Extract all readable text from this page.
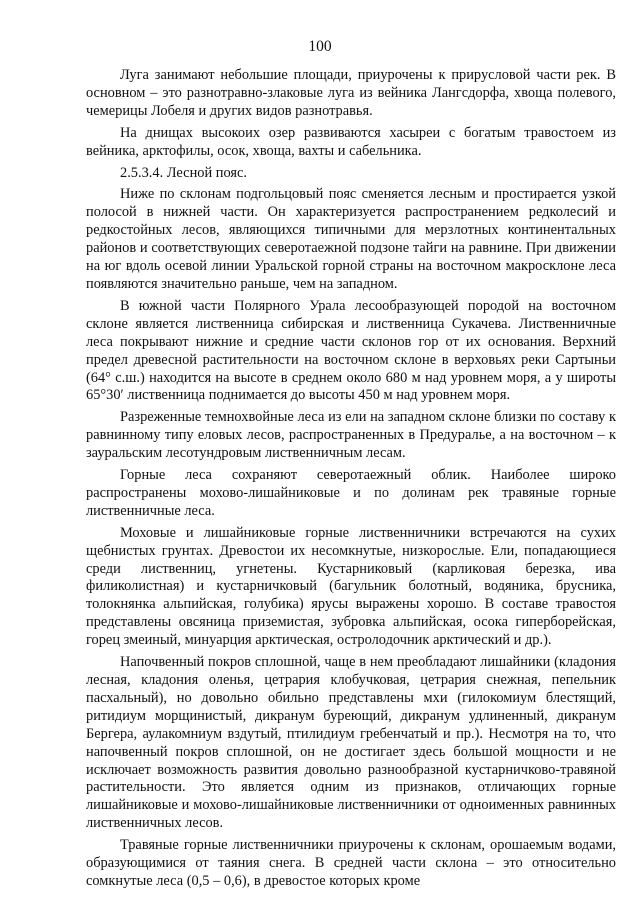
100

Луга занимают небольшие площади, приурочены к прирусловой части рек. В основном – это разнотравно-злаковые луга из вейника Лангсдорфа, хвоща полевого, чемерицы Лобеля и других видов разнотравья.

На днищах высокоих озер развиваются хасыреи с богатым травостоем из вейника, арктофилы, осок, хвоща, вахты и сабельника.

2.5.3.4. Лесной пояс.

Ниже по склонам подгольцовый пояс сменяется лесным и простирается узкой полосой в нижней части. Он характеризуется распространением редколесий и редкостойных лесов, являющихся типичными для мерзлотных континентальных районов и соответствующих северотаежной подзоне тайги на равнине. При движении на юг вдоль осевой линии Уральской горной страны на восточном макросклоне леса появляются значительно раньше, чем на западном.

В южной части Полярного Урала лесообразующей породой на восточном склоне является лиственница сибирская и лиственница Сукачева. Лиственничные леса покрывают нижние и средние части склонов гор от их основания. Верхний предел древесной растительности на восточном склоне в верховьях реки Сартыньи (64° с.ш.) находится на высоте в среднем около 680 м над уровнем моря, а у широты 65°30′ лиственница поднимается до высоты 450 м над уровнем моря.

Разреженные темнохвойные леса из ели на западном склоне близки по составу к равнинному типу еловых лесов, распространенных в Предуралье, а на восточном – к зауральским лесотундровым лиственничным лесам.

Горные леса сохраняют северотаежный облик. Наиболее широко распространены мохово-лишайниковые и по долинам рек травяные горные лиственничные леса.

Моховые и лишайниковые горные лиственничники встречаются на сухих щебнистых грунтах. Древостои их несомкнутые, низкорослые. Ели, попадающиеся среди лиственниц, угнетены. Кустарниковый (карликовая березка, ива филиколистная) и кустарничковый (багульник болотный, водяника, брусника, толокнянка альпийская, голубика) ярусы выражены хорошо. В составе травостоя представлены овсяница приземистая, зубровка альпийская, осока гиперборейская, горец змеиный, минуарция арктическая, остролодочник арктический и др.).

Напочвенный покров сплошной, чаще в нем преобладают лишайники (кладония лесная, кладония оленья, цетрария клобучковая, цетрария снежная, пепельник пасхальный), но довольно обильно представлены мхи (гилокомиум блестящий, ритидиум морщинистый, дикранум буреющий, дикранум удлиненный, дикранум Бергера, аулакомниум вздутый, птилидиум гребенчатый и пр.). Несмотря на то, что напочвенный покров сплошной, он не достигает здесь большой мощности и не исключает возможность развития довольно разнообразной кустарничково-травяной растительности. Это является одним из признаков, отличающих горные лишайниковые и мохово-лишайниковые лиственничники от одноименных равнинных лиственничных лесов.

Травяные горные лиственничники приурочены к склонам, орошаемым водами, образующимися от таяния снега. В средней части склона – это относительно сомкнутые леса (0,5 – 0,6), в древостое которых кроме
